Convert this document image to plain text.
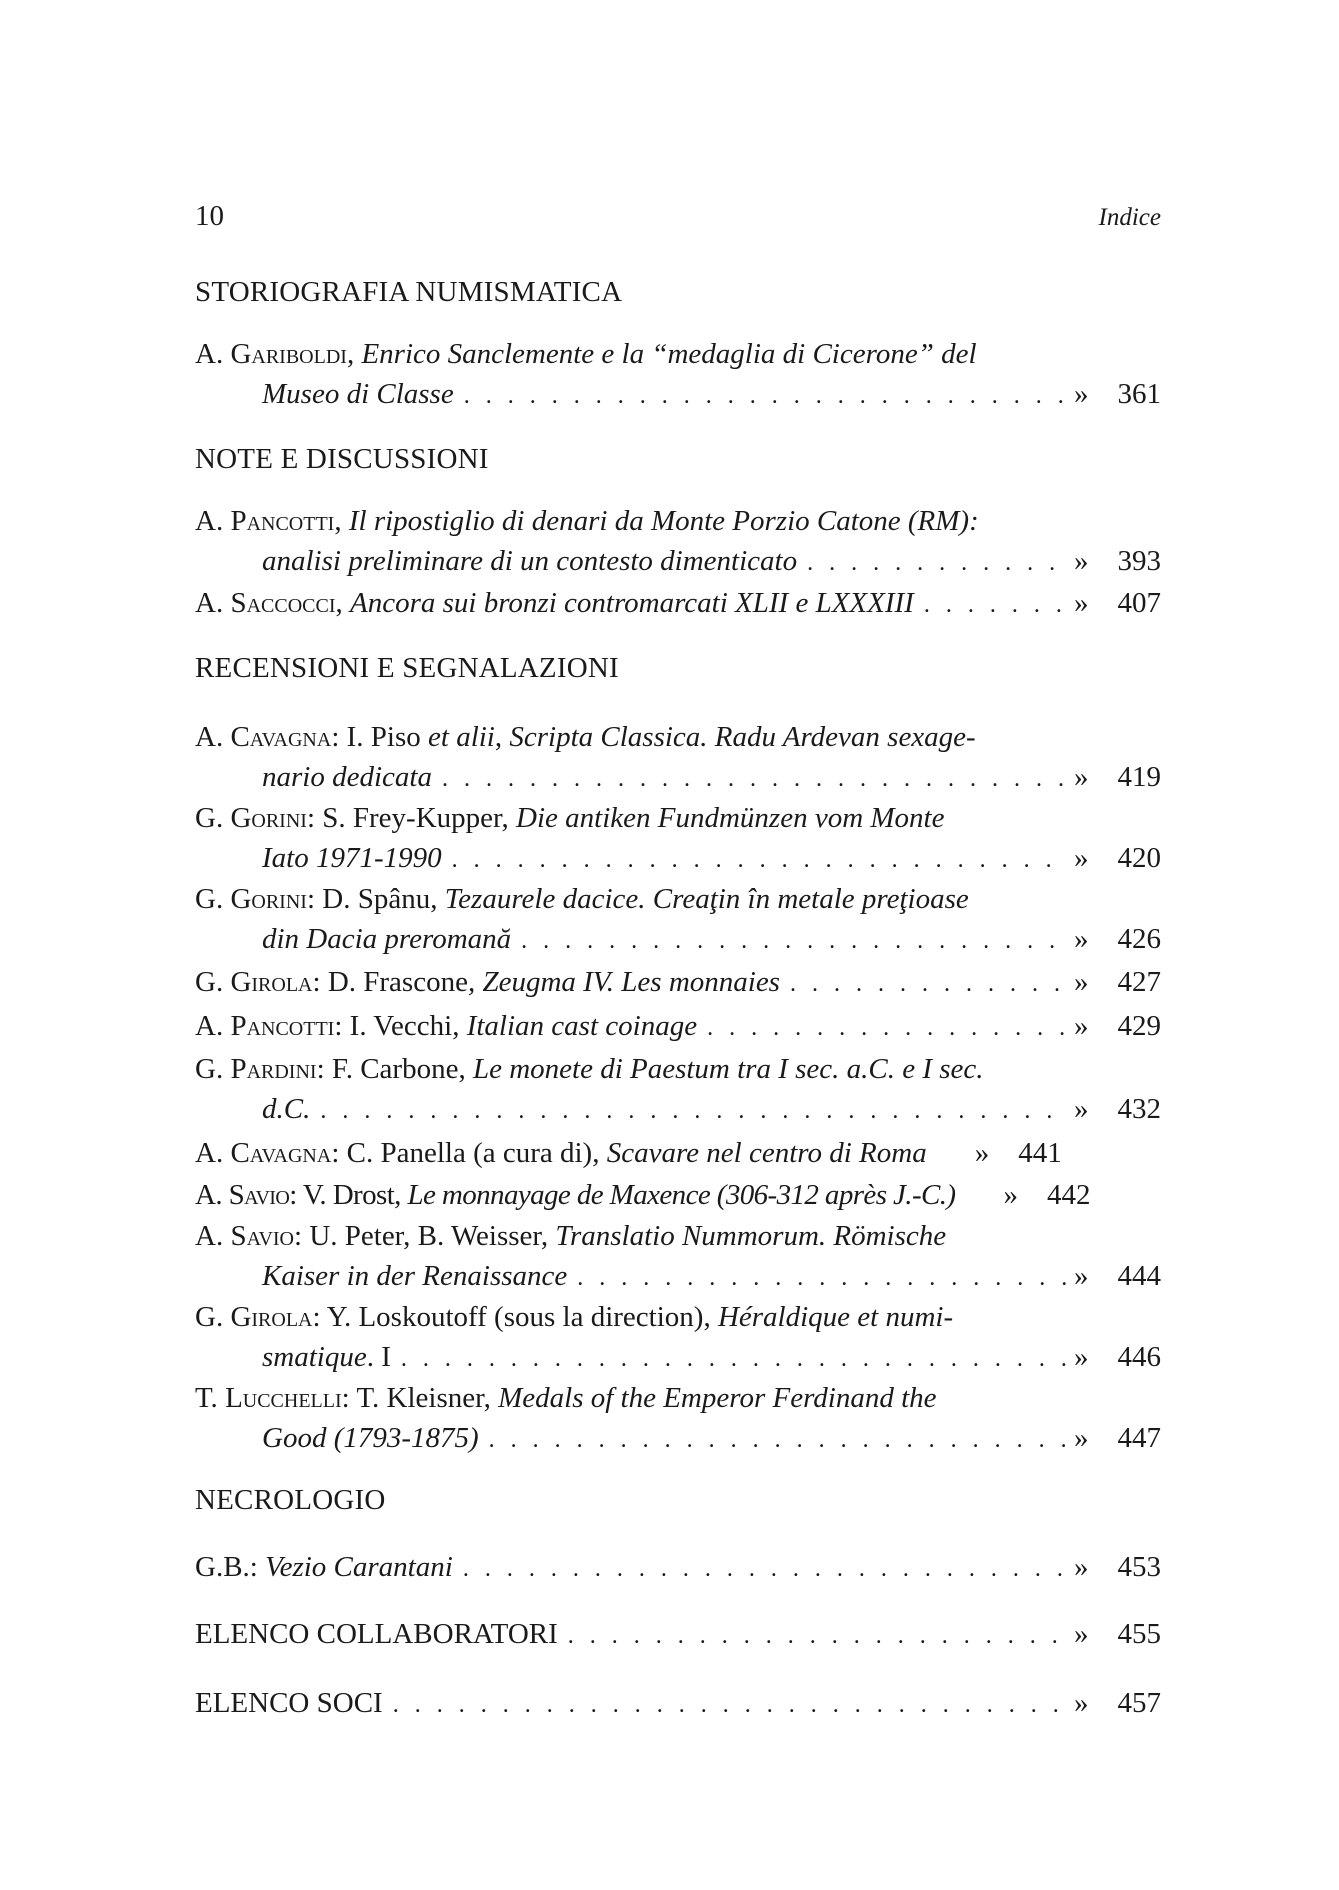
10	Indice
STORIOGRAFIA NUMISMATICA
A. Gariboldi, Enrico Sanclemente e la “medaglia di Cicerone” del
Museo di Classe . . .	»	361
NOTE E DISCUSSIONI
A. Pancotti, Il ripostiglio di denari da Monte Porzio Catone (RM):
analisi preliminare di un contesto dimenticato . . .	»	393
A. Saccocci, Ancora sui bronzi contromarcati XLII e LXXXIII . . .	»	407
RECENSIONI E SEGNALAZIONI
A. Cavagna: I. Piso et alii, Scripta Classica. Radu Ardevan sexage-
nario dedicata . . .	»	419
G. Gorini: S. Frey-Kupper, Die antiken Fundmünzen vom Monte
Iato 1971-1990 . . .	»	420
G. Gorini: D. Spânu, Tezaurele dacice. Creaţin în metale preţioase
din Dacia preromană . . .	»	426
G. Girola: D. Frascone, Zeugma IV. Les monnaies . . .	»	427
A. Pancotti: I. Vecchi, Italian cast coinage . . .	»	429
G. Pardini: F. Carbone, Le monete di Paestum tra I sec. a.C. e I sec.
d.C. . . .	»	432
A. Cavagna: C. Panella (a cura di), Scavare nel centro di Roma »	441
A. Savio: V. Drost, Le monnayage de Maxence (306-312 après J.-C.) »	442
A. Savio: U. Peter, B. Weisser, Translatio Nummorum. Römische
Kaiser in der Renaissance . . .	»	444
G. Girola: Y. Loskoutoff (sous la direction), Héraldique et numi-
smatique. I . . .	»	446
T. Lucchelli: T. Kleisner, Medals of the Emperor Ferdinand the
Good (1793-1875) . . .	»	447
NECROLOGIO
G.B.: Vezio Carantani . . .	»	453
ELENCO COLLABORATORI . . .	»	455
ELENCO SOCI . . .	»	457
